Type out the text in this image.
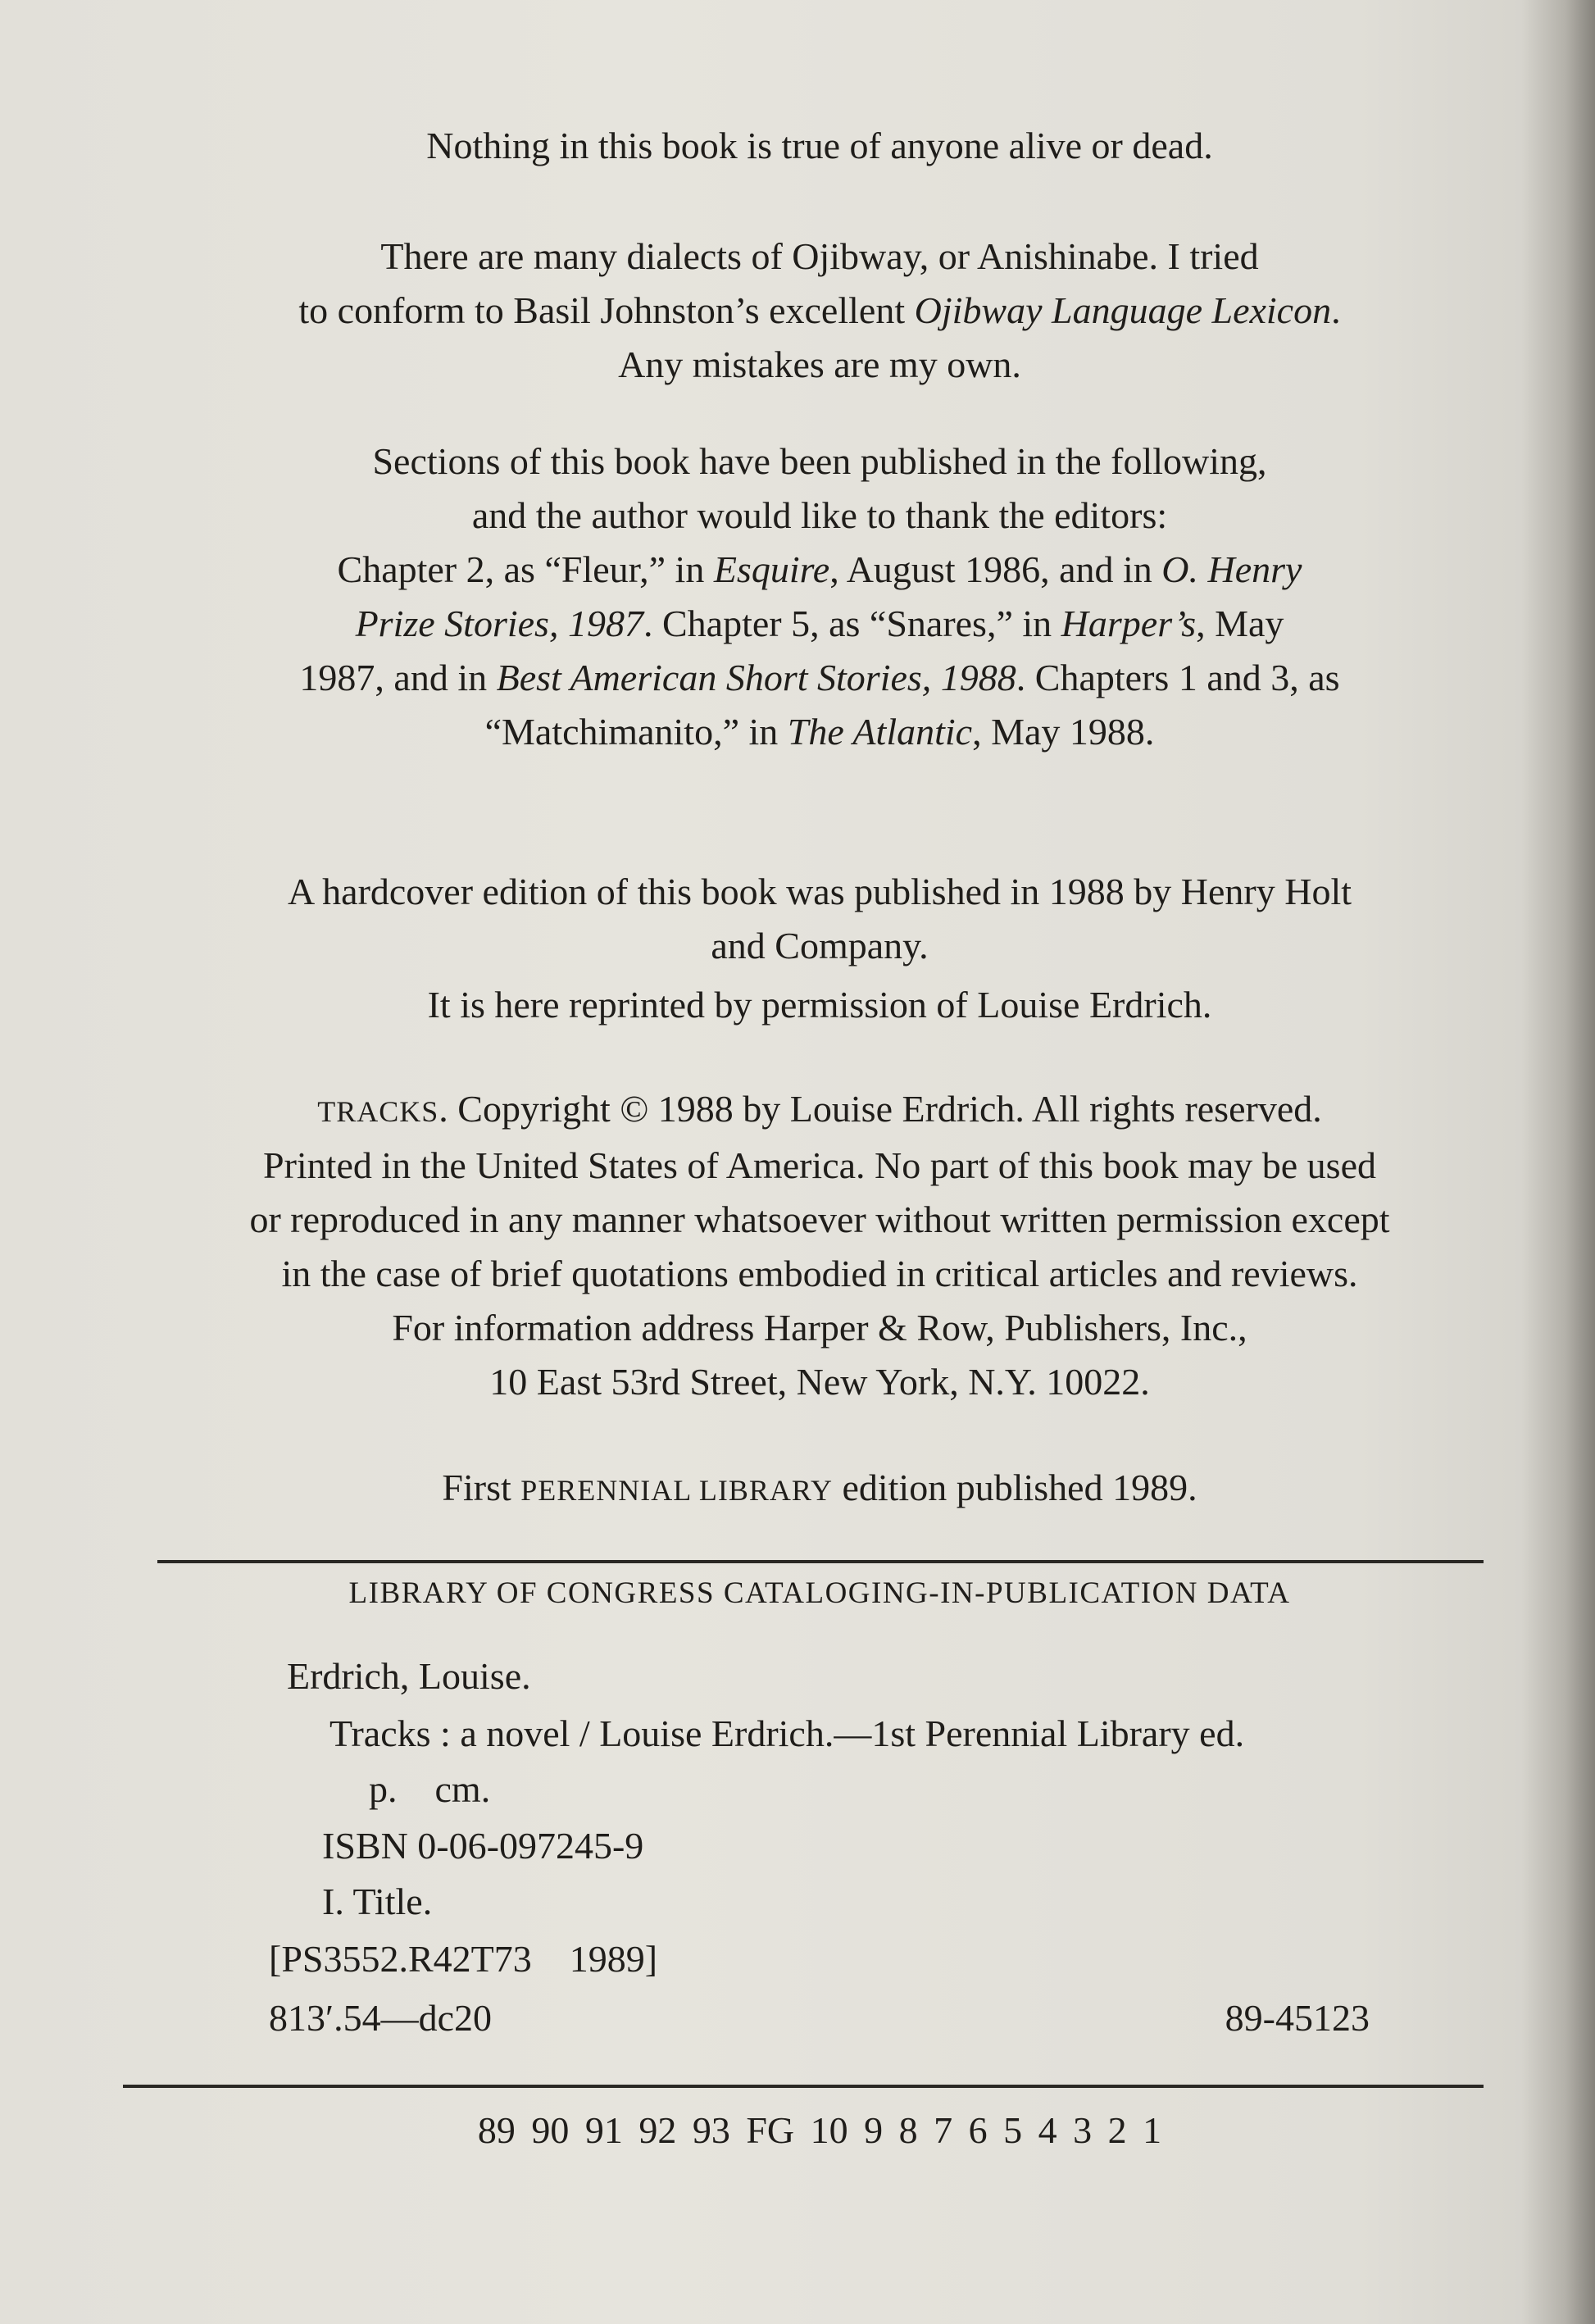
Nothing in this book is true of anyone alive or dead.

There are many dialects of Ojibway, or Anishinabe. I tried

to conform to Basil Johnston’s excellent Ojibway Language Lexicon.

Any mistakes are my own.

Sections of this book have been published in the following,

and the author would like to thank the editors:

Chapter 2, as “Fleur,” in Esquire, August 1986, and in O. Henry

Prize Stories, 1987. Chapter 5, as “Snares,” in Harper’s, May

1987, and in Best American Short Stories, 1988. Chapters 1 and 3, as

“Matchimanito,” in The Atlantic, May 1988.

A hardcover edition of this book was published in 1988 by Henry Holt

and Company.

It is here reprinted by permission of Louise Erdrich.

TRACKS. Copyright © 1988 by Louise Erdrich. All rights reserved.

Printed in the United States of America. No part of this book may be used

or reproduced in any manner whatsoever without written permission except

in the case of brief quotations embodied in critical articles and reviews.

For information address Harper & Row, Publishers, Inc.,

10 East 53rd Street, New York, N.Y. 10022.

First PERENNIAL LIBRARY edition published 1989.

LIBRARY OF CONGRESS CATALOGING-IN-PUBLICATION DATA
Erdrich, Louise.
Tracks : a novel / Louise Erdrich.—1st Perennial Library ed.
p.    cm.
ISBN 0-06-097245-9
I. Title.
[PS3552.R42T73    1989]
813′.54—dc20	89-45123
89 90 91 92 93 FG 10 9 8 7 6 5 4 3 2 1
